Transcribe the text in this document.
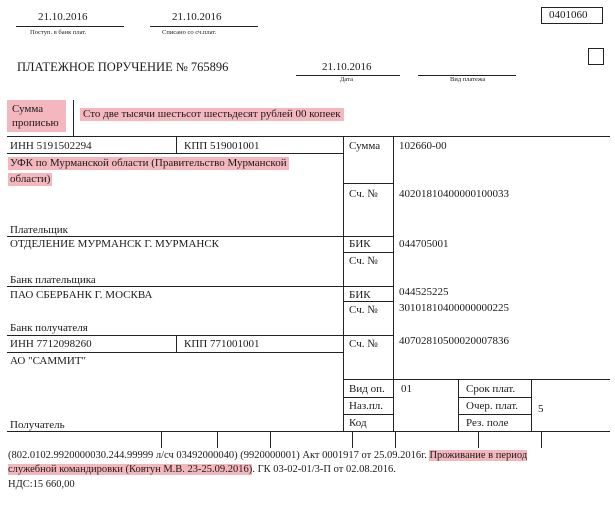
21.10.2016
Поступ. в банк плат.
21.10.2016
Списано со сч.плат.
0401060
ПЛАТЕЖНОЕ ПОРУЧЕНИЕ № 765896	21.10.2016
Дата	Вид платежа
Сумма
прописью
Сто две тысячи шестьсот шестьдесят рублей 00 копеек
ИНН 5191502294	КПП 519001001	Сумма 102660-00
УФК по Мурманской области (Правительство Мурманской
области)
Сч. № 40201810400000100033
Плательщик
ОТДЕЛЕНИЕ МУРМАНСК Г. МУРМАНСК	БИК	044705001
Сч. №
Банк плательщика
ПАО СБЕРБАНК Г. МОСКВА	БИК	044525225
Сч. № 30101810400000000225
Банк получателя
ИНН 7712098260	КПП 771001001	Сч. № 40702810500020007836
АО "САММИТ"
Вид оп. 01	Срок плат.
Наз.пл.	Очер. плат. 5
Код	Рез. поле
Получатель
(802.0102.9920000030.244.99999 л/сч 03492000040) (9920000001) Акт 0001917 от 25.09.2016г. Проживание в период
служебной командировки (Ковтун М.В. 23-25.09.2016). ГК 03-02-01/3-П от 02.08.2016.
НДС:15 660,00
